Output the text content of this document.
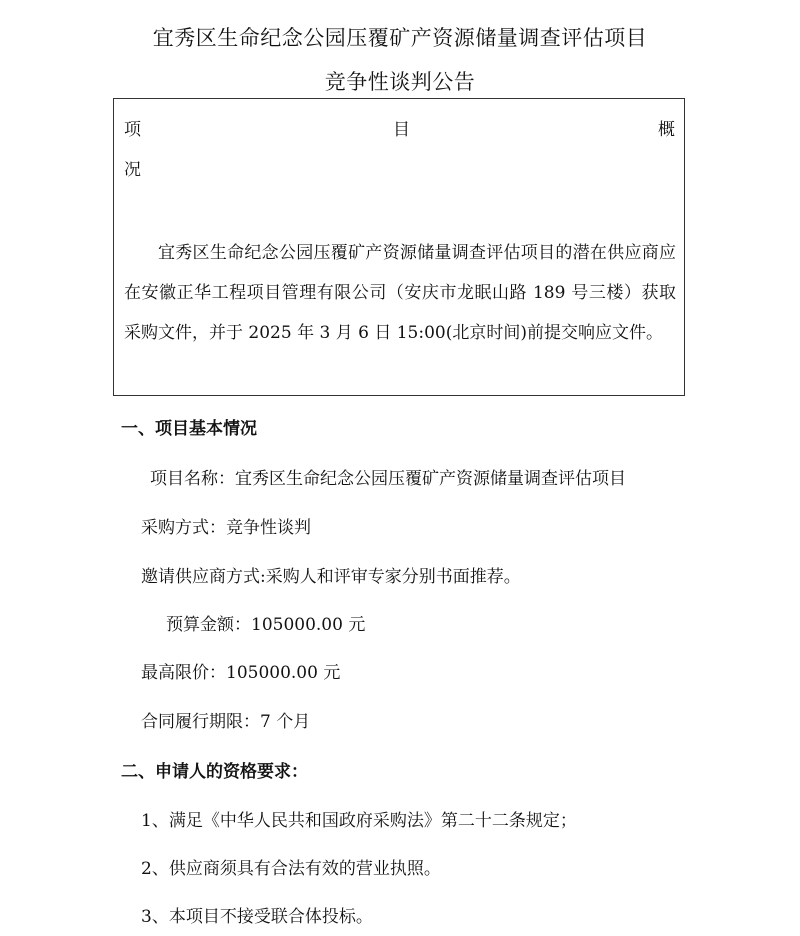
宜秀区生命纪念公园压覆矿产资源储量调查评估项目
竞争性谈判公告
项	目	概
况
宜秀区生命纪念公园压覆矿产资源储量调查评估项目的潜在供应商应在安徽正华工程项目管理有限公司（安庆市龙眠山路 189 号三楼）获取采购文件，并于 2025 年 3 月 6 日 15:00(北京时间)前提交响应文件。
一、项目基本情况
项目名称：宜秀区生命纪念公园压覆矿产资源储量调查评估项目
采购方式：竞争性谈判
邀请供应商方式:采购人和评审专家分别书面推荐。
预算金额：105000.00 元
最高限价：105000.00 元
合同履行期限：7 个月
二、申请人的资格要求：
1、满足《中华人民共和国政府采购法》第二十二条规定；
2、供应商须具有合法有效的营业执照。
3、本项目不接受联合体投标。
